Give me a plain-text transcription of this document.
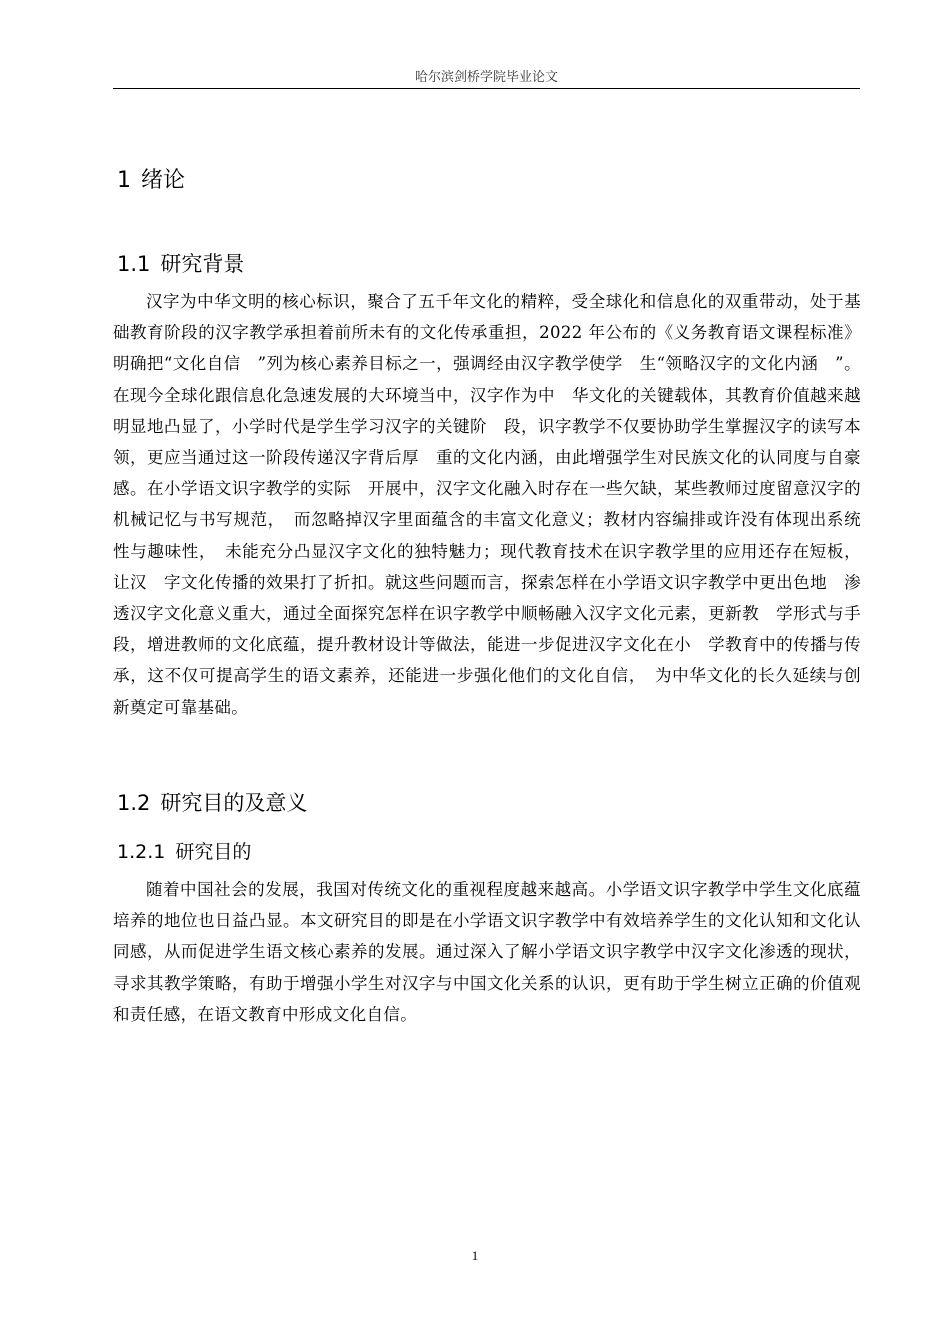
哈尔滨剑桥学院毕业论文
1 绪论
1.1 研究背景

汉字为中华文明的核心标识，聚合了五千年文化的精粹，受全球化和信息化的双重带动，处于基础教育阶段的汉字教学承担着前所未有的文化传承重担，2022 年公布的《义务教育语文课程标准》明确把“文化自信　”列为核心素养目标之一，强调经由汉字教学使学　生“领略汉字的文化内涵　”。在现今全球化跟信息化急速发展的大环境当中，汉字作为中　华文化的关键载体，其教育价值越来越明显地凸显了，小学时代是学生学习汉字的关键阶　段，识字教学不仅要协助学生掌握汉字的读写本领，更应当通过这一阶段传递汉字背后厚　重的文化内涵，由此增强学生对民族文化的认同度与自豪感。在小学语文识字教学的实际　开展中，汉字文化融入时存在一些欠缺，某些教师过度留意汉字的机械记忆与书写规范，　而忽略掉汉字里面蕴含的丰富文化意义；教材内容编排或许没有体现出系统性与趣味性，　未能充分凸显汉字文化的独特魅力；现代教育技术在识字教学里的应用还存在短板，让汉　字文化传播的效果打了折扣。就这些问题而言，探索怎样在小学语文识字教学中更出色地　渗透汉字文化意义重大，通过全面探究怎样在识字教学中顺畅融入汉字文化元素，更新教　学形式与手段，增进教师的文化底蕴，提升教材设计等做法，能进一步促进汉字文化在小　学教育中的传播与传承，这不仅可提高学生的语文素养，还能进一步强化他们的文化自信，　为中华文化的长久延续与创新奠定可靠基础。

1.2 研究目的及意义
1.2.1 研究目的

随着中国社会的发展，我国对传统文化的重视程度越来越高。小学语文识字教学中学生文化底蕴培养的地位也日益凸显。本文研究目的即是在小学语文识字教学中有效培养学生的文化认知和文化认同感，从而促进学生语文核心素养的发展。通过深入了解小学语文识字教学中汉字文化渗透的现状，寻求其教学策略，有助于增强小学生对汉字与中国文化关系的认识，更有助于学生树立正确的价值观和责任感，在语文教育中形成文化自信。

1
